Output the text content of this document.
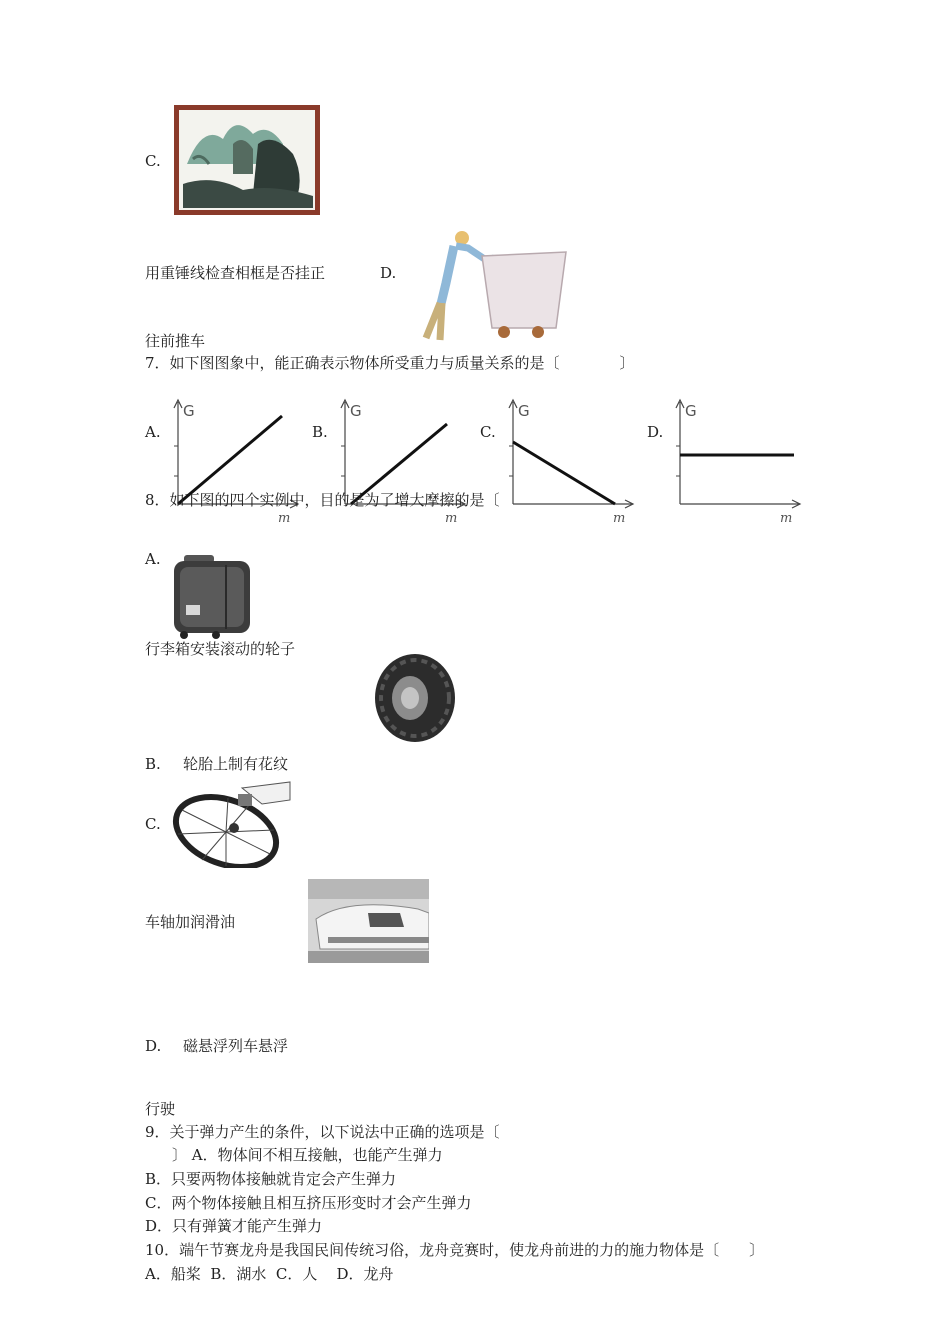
C.
用重锤线检查相框是否挂正	D.
往前推车
7．如下图图象中，能正确表示物体所受重力与质量关系的是〔　　　　〕
A.	B.	C.	D.
G
m
G
m
G
m
G
m
8．如下图的四个实例中，目的是为了增大摩擦的是〔
A.
行李箱安装滚动的轮子
B. 轮胎上制有花纹
C.
车轴加润滑油
D. 磁悬浮列车悬浮
行驶
9．关于弹力产生的条件，以下说法中正确的选项是〔
〕 A．物体间不相互接触，也能产生弹力
B．只要两物体接触就肯定会产生弹力
C．两个物体接触且相互挤压形变时才会产生弹力
D．只有弹簧才能产生弹力
10．端午节赛龙舟是我国民间传统习俗，龙舟竞赛时，使龙舟前进的力的施力物体是〔　　〕
A．船桨  B．湖水  C．人    D．龙舟
